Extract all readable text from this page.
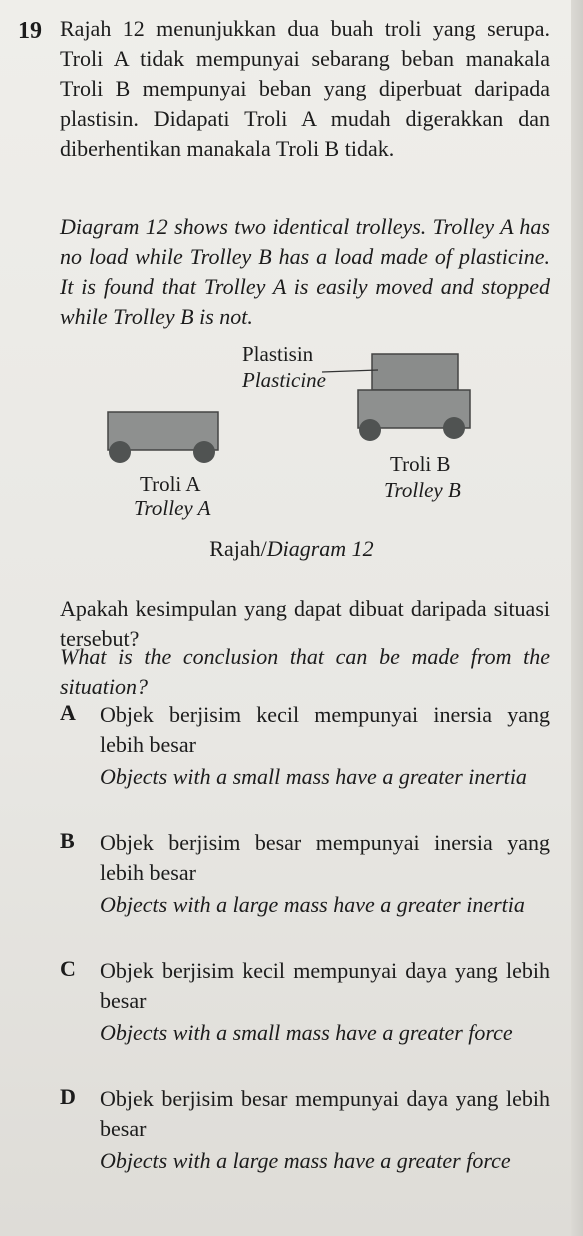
19 Rajah 12 menunjukkan dua buah troli yang serupa. Troli A tidak mempunyai sebarang beban manakala Troli B mempunyai beban yang diperbuat daripada plastisin. Didapati Troli A mudah digerakkan dan diberhentikan manakala Troli B tidak.

Diagram 12 shows two identical trolleys. Trolley A has no load while Trolley B has a load made of plasticine. It is found that Trolley A is easily moved and stopped while Trolley B is not.

Plastisin
Plasticine
Troli A
Trolley A
Troli B
Trolley B
Rajah/Diagram 12

Apakah kesimpulan yang dapat dibuat daripada situasi tersebut?

What is the conclusion that can be made from the situation?

A Objek berjisim kecil mempunyai inersia yang lebih besar

Objects with a small mass have a greater inertia

B Objek berjisim besar mempunyai inersia yang lebih besar

Objects with a large mass have a greater inertia

C Objek berjisim kecil mempunyai daya yang lebih besar

Objects with a small mass have a greater force

D Objek berjisim besar mempunyai daya yang lebih besar

Objects with a large mass have a greater force
